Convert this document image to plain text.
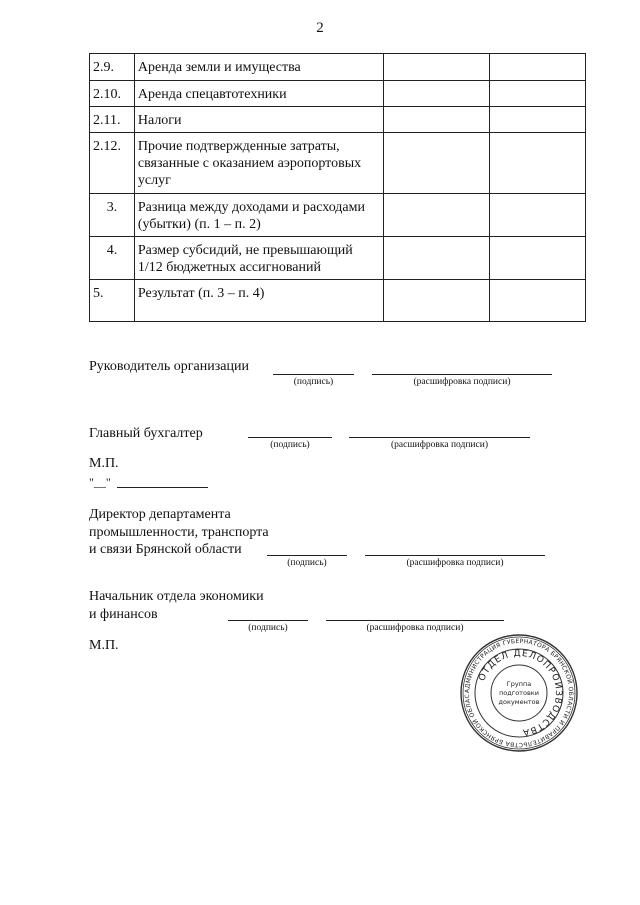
2
2.9.	Аренда земли и имущества		
2.10.	Аренда спецавтотехники		
2.11.	Налоги		
2.12.	Прочие подтвержденные затраты, связанные с оказанием аэропортовых услуг		
3.	Разница между доходами и расходами (убытки) (п. 1 – п. 2)		
4.	Размер субсидий, не превышающий 1/12 бюджетных ассигнований		
5.	Результат (п. 3 – п. 4)		
Руководитель организации
(подпись)	(расшифровка подписи)
Главный бухгалтер
(подпись)	(расшифровка подписи)
М.П.
"__"
Директор департамента
промышленности, транспорта
и связи Брянской области
(подпись)	(расшифровка подписи)
Начальник отдела экономики
и финансов
(подпись)	(расшифровка подписи)
М.П.
АДМИНИСТРАЦИЯ ГУБЕРНАТОРА БРЯНСКОЙ ОБЛАСТИ И ПРАВИТЕЛЬСТВА БРЯНСКОЙ ОБЛАС
ОТДЕЛ ДЕЛОПРОИЗВОДСТВА
Группа
подготовки
документов
